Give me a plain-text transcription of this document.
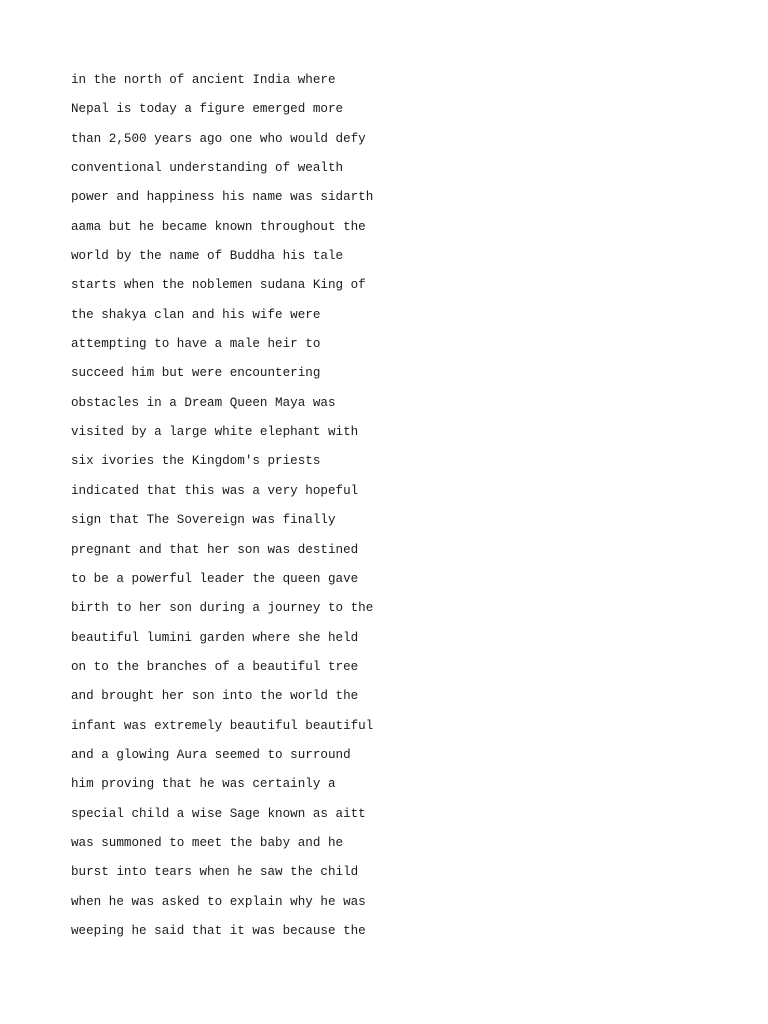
in the north of ancient India where
Nepal is today a figure emerged more
than 2,500 years ago one who would defy
conventional understanding of wealth
power and happiness his name was sidarth
aama but he became known throughout the
world by the name of Buddha his tale
starts when the noblemen sudana King of
the shakya clan and his wife were
attempting to have a male heir to
succeed him but were encountering
obstacles in a Dream Queen Maya was
visited by a large white elephant with
six ivories the Kingdom's priests
indicated that this was a very hopeful
sign that The Sovereign was finally
pregnant and that her son was destined
to be a powerful leader the queen gave
birth to her son during a journey to the
beautiful lumini garden where she held
on to the branches of a beautiful tree
and brought her son into the world the
infant was extremely beautiful beautiful
and a glowing Aura seemed to surround
him proving that he was certainly a
special child a wise Sage known as aitt
was summoned to meet the baby and he
burst into tears when he saw the child
when he was asked to explain why he was
weeping he said that it was because the
